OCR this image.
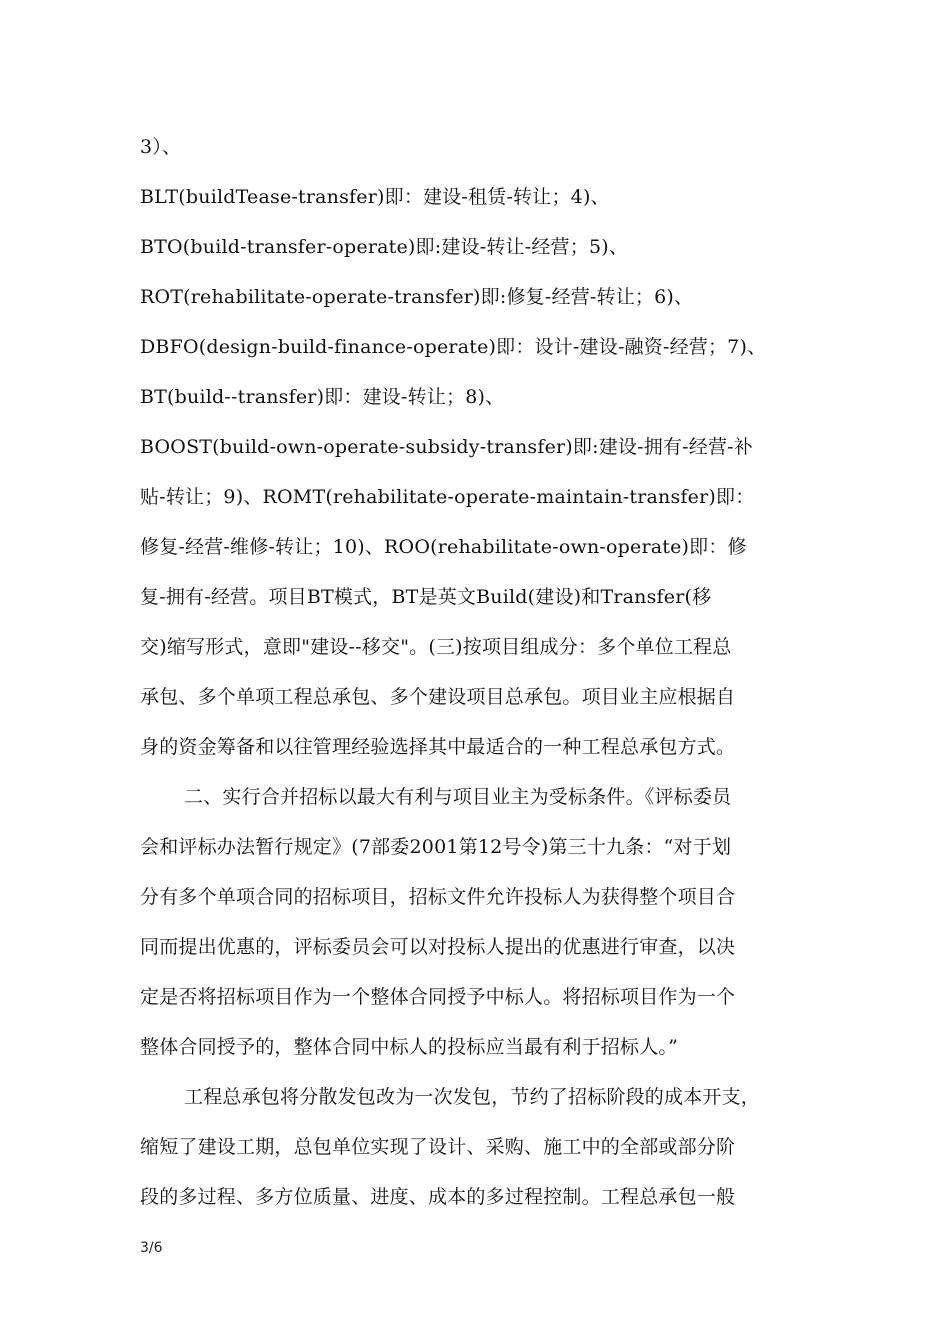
3）、
BLT(buildTease-transfer)即：建设-租赁-转让；4)、
BTO(build-transfer-operate)即:建设-转让-经营；5)、
ROT(rehabilitate-operate-transfer)即:修复-经营-转让；6)、
DBFO(design-build-finance-operate)即：设计-建设-融资-经营；7)、
BT(build--transfer)即：建设-转让；8)、
BOOST(build-own-operate-subsidy-transfer)即:建设-拥有-经营-补
贴-转让；9)、ROMT(rehabilitate-operate-maintain-transfer)即：
修复-经营-维修-转让；10)、ROO(rehabilitate-own-operate)即：修
复-拥有-经营。项目BT模式，BT是英文Build(建设)和Transfer(移
交)缩写形式，意即"建设--移交"。(三)按项目组成分：多个单位工程总
承包、多个单项工程总承包、多个建设项目总承包。项目业主应根据自
身的资金筹备和以往管理经验选择其中最适合的一种工程总承包方式。
二、实行合并招标以最大有利与项目业主为受标条件。《评标委员
会和评标办法暂行规定》(7部委2001第12号令)第三十九条：“对于划
分有多个单项合同的招标项目，招标文件允许投标人为获得整个项目合
同而提出优惠的，评标委员会可以对投标人提出的优惠进行审查，以决
定是否将招标项目作为一个整体合同授予中标人。将招标项目作为一个
整体合同授予的，整体合同中标人的投标应当最有利于招标人。”
工程总承包将分散发包改为一次发包，节约了招标阶段的成本开支，
缩短了建设工期，总包单位实现了设计、采购、施工中的全部或部分阶
段的多过程、多方位质量、进度、成本的多过程控制。工程总承包一般
3/6
